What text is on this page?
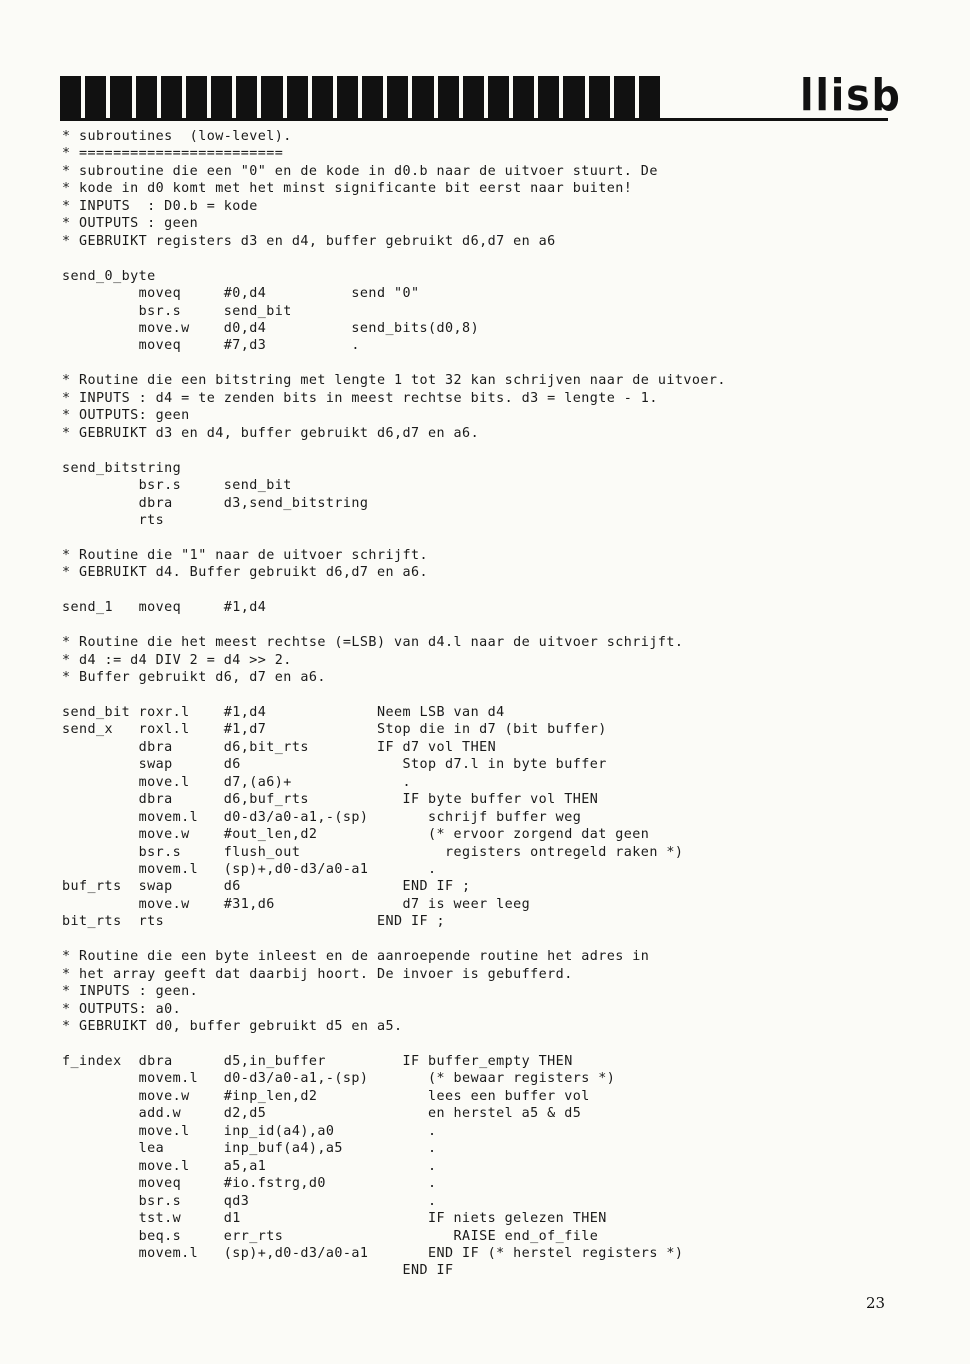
llisb
* subroutines  (low-level).
* ========================
* subroutine die een "0" en de kode in d0.b naar de uitvoer stuurt. De
* kode in d0 komt met het minst significante bit eerst naar buiten!
* INPUTS  : D0.b = kode
* OUTPUTS : geen
* GEBRUIKT registers d3 en d4, buffer gebruikt d6,d7 en a6

send_0_byte
moveq     #0,d4          send "0"
bsr.s     send_bit
move.w    d0,d4          send_bits(d0,8)
moveq     #7,d3          .

* Routine die een bitstring met lengte 1 tot 32 kan schrijven naar de uitvoer.
* INPUTS : d4 = te zenden bits in meest rechtse bits. d3 = lengte - 1.
* OUTPUTS: geen
* GEBRUIKT d3 en d4, buffer gebruikt d6,d7 en a6.

send_bitstring
bsr.s     send_bit
dbra      d3,send_bitstring
rts

* Routine die "1" naar de uitvoer schrijft.
* GEBRUIKT d4. Buffer gebruikt d6,d7 en a6.

send_1   moveq     #1,d4

* Routine die het meest rechtse (=LSB) van d4.l naar de uitvoer schrijft.
* d4 := d4 DIV 2 = d4 >> 2.
* Buffer gebruikt d6, d7 en a6.

send_bit roxr.l    #1,d4             Neem LSB van d4
send_x   roxl.l    #1,d7             Stop die in d7 (bit buffer)
dbra      d6,bit_rts        IF d7 vol THEN
swap      d6                   Stop d7.l in byte buffer
move.l    d7,(a6)+             .
dbra      d6,buf_rts           IF byte buffer vol THEN
movem.l   d0-d3/a0-a1,-(sp)       schrijf buffer weg
move.w    #out_len,d2             (* ervoor zorgend dat geen
bsr.s     flush_out                 registers ontregeld raken *)
movem.l   (sp)+,d0-d3/a0-a1       .
buf_rts  swap      d6                   END IF ;
move.w    #31,d6               d7 is weer leeg
bit_rts  rts                         END IF ;

* Routine die een byte inleest en de aanroepende routine het adres in
* het array geeft dat daarbij hoort. De invoer is gebufferd.
* INPUTS : geen.
* OUTPUTS: a0.
* GEBRUIKT d0, buffer gebruikt d5 en a5.

f_index  dbra      d5,in_buffer         IF buffer_empty THEN
movem.l   d0-d3/a0-a1,-(sp)       (* bewaar registers *)
move.w    #inp_len,d2             lees een buffer vol
add.w     d2,d5                   en herstel a5 & d5
move.l    inp_id(a4),a0           .
lea       inp_buf(a4),a5          .
move.l    a5,a1                   .
moveq     #io.fstrg,d0            .
bsr.s     qd3                     .
tst.w     d1                      IF niets gelezen THEN
beq.s     err_rts                    RAISE end_of_file
movem.l   (sp)+,d0-d3/a0-a1       END IF (* herstel registers *)
END IF

23
